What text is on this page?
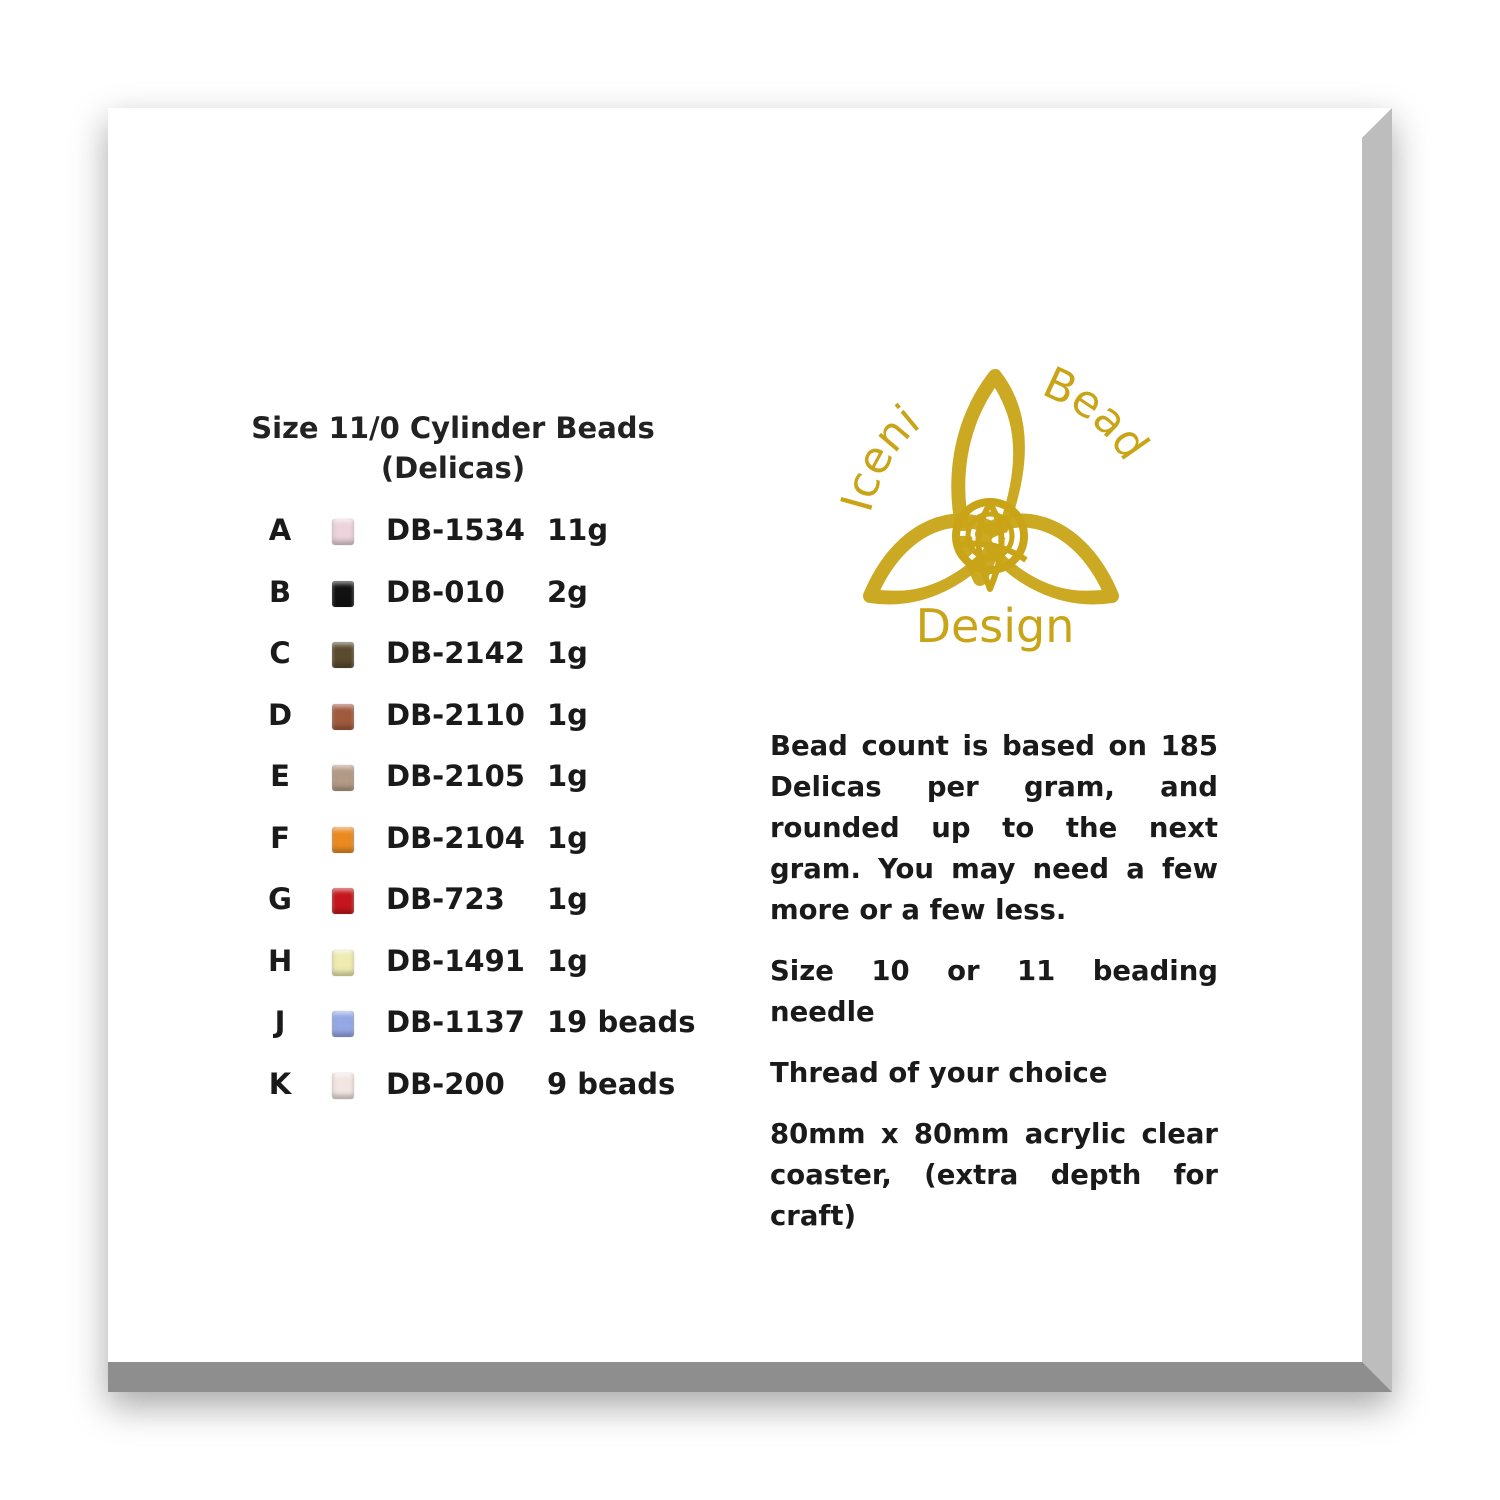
Size 11/0 Cylinder Beads
(Delicas)
A	DB-1534 11g
B	DB-010 2g
C	DB-2142 1g
D	DB-2110 1g
E	DB-2105 1g
F	DB-2104 1g
G	DB-723 1g
H	DB-1491 1g
J	DB-1137 19 beads
K	DB-200 9 beads
Iceni
Bead
Design

Bead count is based on 185 Delicas per gram, and rounded up to the next gram. You may need a few more or a few less.

Size 10 or 11 beading needle

Thread of your choice

80mm x 80mm acrylic clear coaster, (extra depth for craft)
